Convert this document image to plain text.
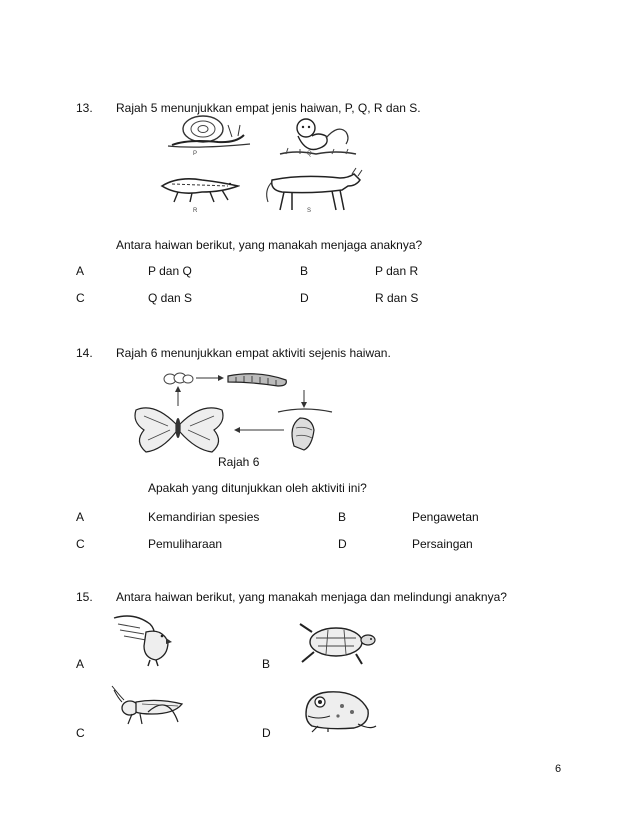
13. Rajah 5 menunjukkan empat jenis haiwan, P, Q, R dan S.
P	Q
R	S
Antara haiwan berikut, yang manakah menjaga anaknya?
A	P dan Q	B	P dan R
C	Q dan S	D	R dan S
14. Rajah 6 menunjukkan empat aktiviti sejenis haiwan.
Rajah 6
Apakah yang ditunjukkan oleh aktiviti ini?
A	Kemandirian spesies	B	Pengawetan
C	Pemuliharaan	D	Persaingan
15. Antara haiwan berikut, yang manakah menjaga dan melindungi anaknya?
A	B
C	D
6
